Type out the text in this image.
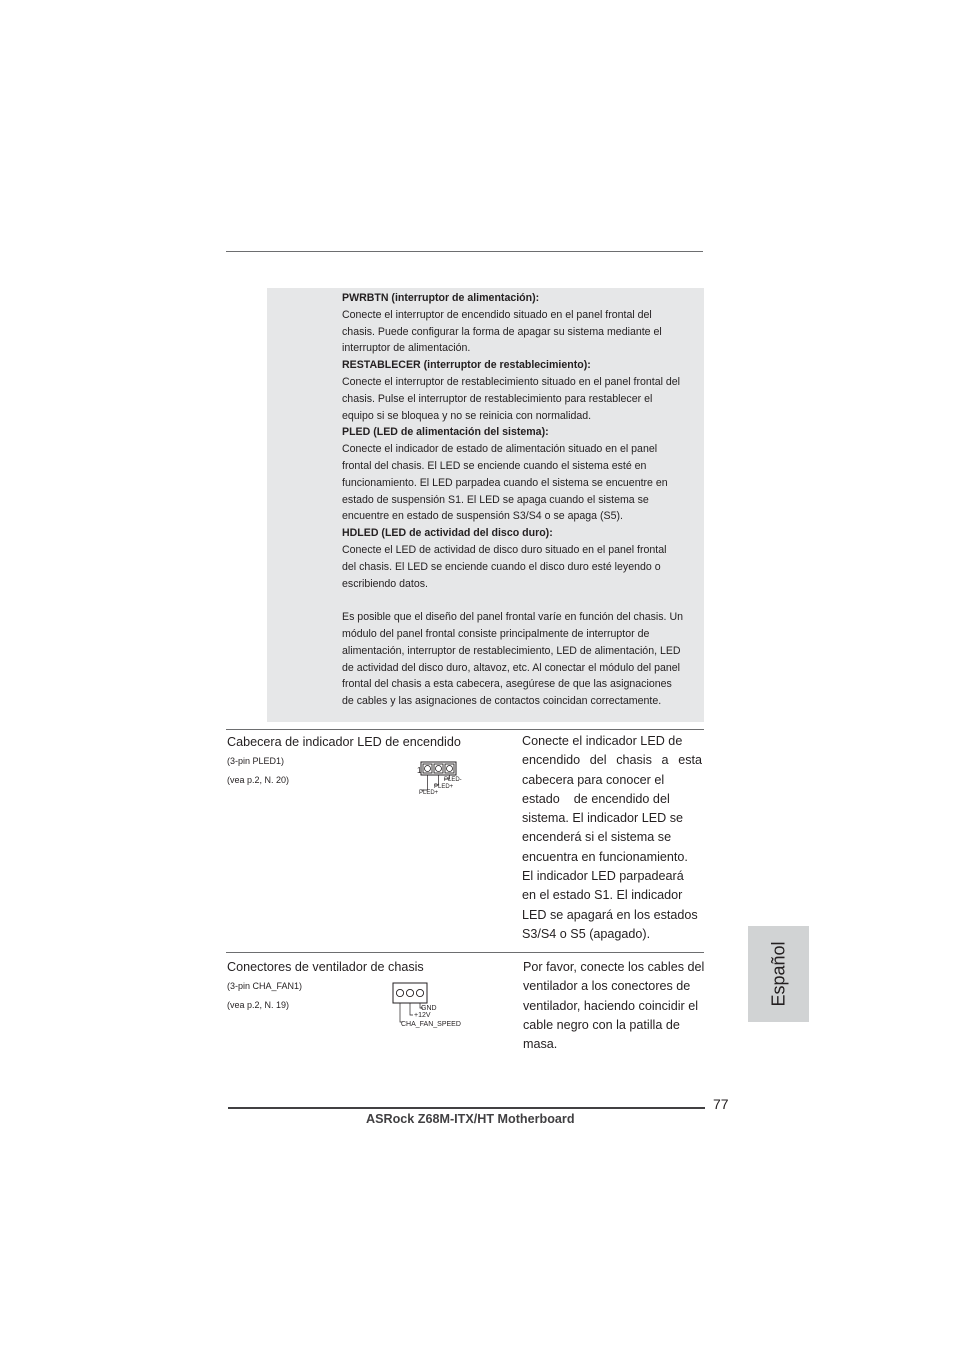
PWRBTN (interruptor de alimentación):

Conecte el interruptor de encendido situado en el panel frontal del

chasis. Puede configurar la forma de apagar su sistema mediante el

interruptor de alimentación.

RESTABLECER (interruptor de restablecimiento):

Conecte el interruptor de restablecimiento situado en el panel frontal del

chasis. Pulse el interruptor de restablecimiento para restablecer el

equipo si se bloquea y no se reinicia con normalidad.

PLED (LED de alimentación del sistema):

Conecte el indicador de estado de alimentación situado en el panel

frontal del chasis. El LED se enciende cuando el sistema esté en

funcionamiento. El LED parpadea cuando el sistema se encuentre en

estado de suspensión S1. El LED se apaga cuando el sistema se

encuentre en estado de suspensión S3/S4 o se apaga (S5).

HDLED (LED de actividad del disco duro):

Conecte el LED de actividad de disco duro situado en el panel frontal

del chasis. El LED se enciende cuando el disco duro esté leyendo o

escribiendo datos.

Es posible que el diseño del panel frontal varíe en función del chasis. Un

módulo del panel frontal consiste principalmente de interruptor de

alimentación, interruptor de restablecimiento, LED de alimentación, LED

de actividad del disco duro, altavoz, etc. Al conectar el módulo del panel

frontal del chasis a esta cabecera, asegúrese de que las asignaciones

de cables y las asignaciones de contactos coincidan correctamente.

Cabecera de indicador LED de encendido
(3-pin PLED1)
(vea p.2, N. 20)
1
PLED-
PLED+
PLED+
Conecte el indicador LED de
encendido del chasis a esta
cabecera para conocer el
estado    de encendido del
sistema. El indicador LED se
encenderá si el sistema se
encuentra en funcionamiento.
El indicador LED parpadeará
en el estado S1. El indicador
LED se apagará en los estados
S3/S4 o S5 (apagado).
Conectores de ventilador de chasis
(3-pin CHA_FAN1)
(vea p.2, N. 19)	GND
+12V
CHA_FAN_SPEED
Por favor, conecte los cables del
ventilador a los conectores de
ventilador, haciendo coincidir el
cable negro con la patilla de
masa.
Español
77
ASRock Z68M-ITX/HT Motherboard
